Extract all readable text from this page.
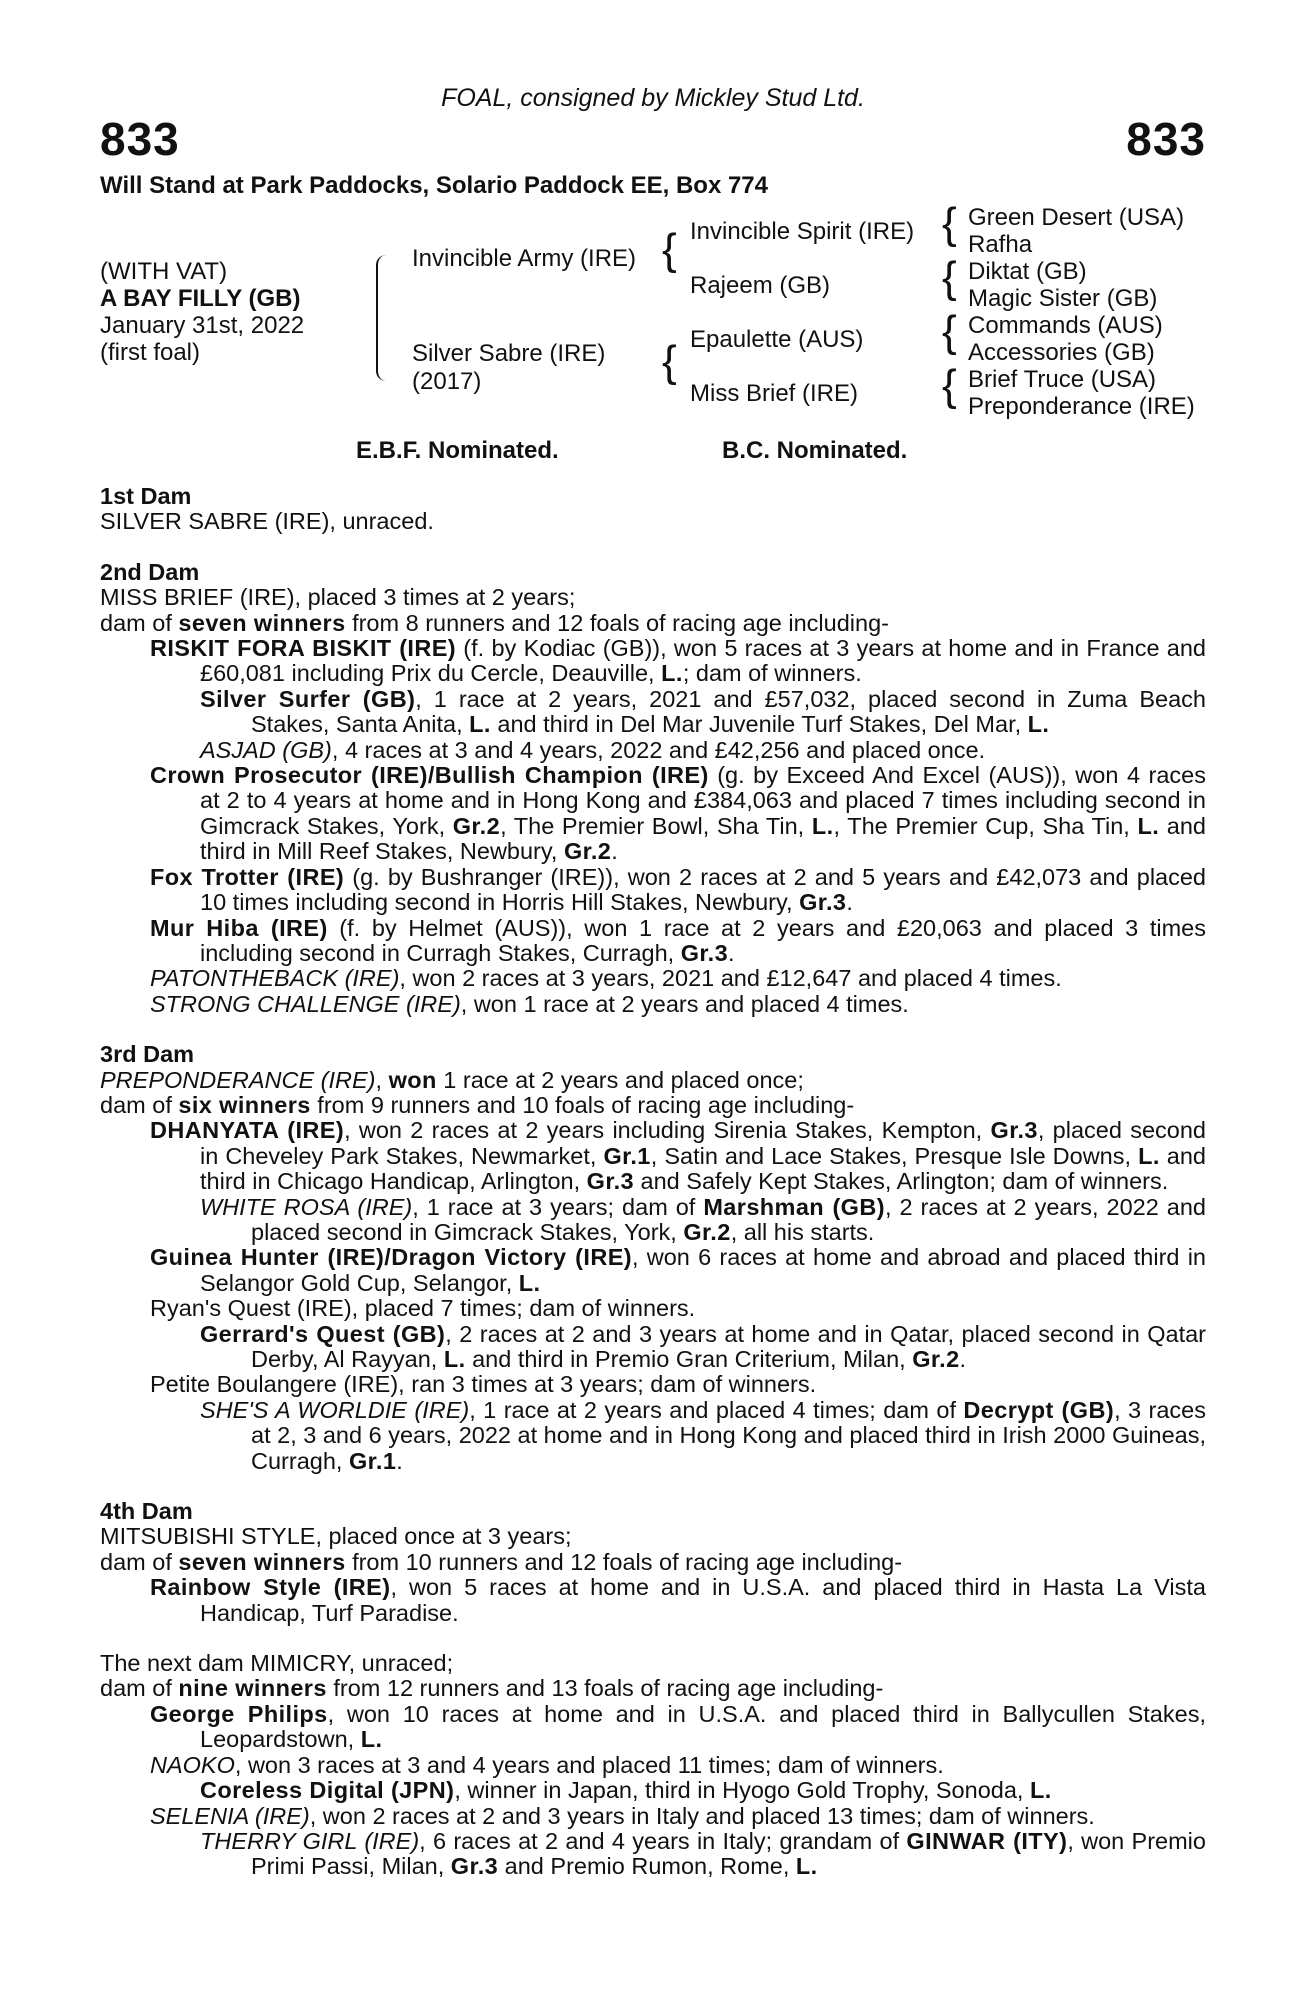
FOAL, consigned by Mickley Stud Ltd.
833	833
Will Stand at Park Paddocks, Solario Paddock EE, Box 774
(WITH VAT)
A BAY FILLY (GB)
January 31st, 2022
(first foal)
Invincible Army (IRE)
Silver Sabre (IRE)
(2017)
{
{
Invincible Spirit (IRE)
Rajeem (GB)
Epaulette (AUS)
Miss Brief (IRE)
{
{
{
{
Green Desert (USA)
Rafha
Diktat (GB)
Magic Sister (GB)
Commands (AUS)
Accessories (GB)
Brief Truce (USA)
Preponderance (IRE)
E.B.F. Nominated.	B.C. Nominated.

1st Dam

SILVER SABRE (IRE), unraced.

2nd Dam

MISS BRIEF (IRE), placed 3 times at 2 years;

dam of seven winners from 8 runners and 12 foals of racing age including-

RISKIT FORA BISKIT (IRE) (f. by Kodiac (GB)), won 5 races at 3 years at home and in France and £60,081 including Prix du Cercle, Deauville, L.; dam of winners.

Silver Surfer (GB), 1 race at 2 years, 2021 and £57,032, placed second in Zuma Beach Stakes, Santa Anita, L. and third in Del Mar Juvenile Turf Stakes, Del Mar, L.

ASJAD (GB), 4 races at 3 and 4 years, 2022 and £42,256 and placed once.

Crown Prosecutor (IRE)/Bullish Champion (IRE) (g. by Exceed And Excel (AUS)), won 4 races at 2 to 4 years at home and in Hong Kong and £384,063 and placed 7 times including second in Gimcrack Stakes, York, Gr.2, The Premier Bowl, Sha Tin, L., The Premier Cup, Sha Tin, L. and third in Mill Reef Stakes, Newbury, Gr.2.

Fox Trotter (IRE) (g. by Bushranger (IRE)), won 2 races at 2 and 5 years and £42,073 and placed 10 times including second in Horris Hill Stakes, Newbury, Gr.3.

Mur Hiba (IRE) (f. by Helmet (AUS)), won 1 race at 2 years and £20,063 and placed 3 times including second in Curragh Stakes, Curragh, Gr.3.

PATONTHEBACK (IRE), won 2 races at 3 years, 2021 and £12,647 and placed 4 times.

STRONG CHALLENGE (IRE), won 1 race at 2 years and placed 4 times.

3rd Dam

PREPONDERANCE (IRE), won 1 race at 2 years and placed once;

dam of six winners from 9 runners and 10 foals of racing age including-

DHANYATA (IRE), won 2 races at 2 years including Sirenia Stakes, Kempton, Gr.3, placed second in Cheveley Park Stakes, Newmarket, Gr.1, Satin and Lace Stakes, Presque Isle Downs, L. and third in Chicago Handicap, Arlington, Gr.3 and Safely Kept Stakes, Arlington; dam of winners.

WHITE ROSA (IRE), 1 race at 3 years; dam of Marshman (GB), 2 races at 2 years, 2022 and placed second in Gimcrack Stakes, York, Gr.2, all his starts.

Guinea Hunter (IRE)/Dragon Victory (IRE), won 6 races at home and abroad and placed third in Selangor Gold Cup, Selangor, L.

Ryan's Quest (IRE), placed 7 times; dam of winners.

Gerrard's Quest (GB), 2 races at 2 and 3 years at home and in Qatar, placed second in Qatar Derby, Al Rayyan, L. and third in Premio Gran Criterium, Milan, Gr.2.

Petite Boulangere (IRE), ran 3 times at 3 years; dam of winners.

SHE'S A WORLDIE (IRE), 1 race at 2 years and placed 4 times; dam of Decrypt (GB), 3 races at 2, 3 and 6 years, 2022 at home and in Hong Kong and placed third in Irish 2000 Guineas, Curragh, Gr.1.

4th Dam

MITSUBISHI STYLE, placed once at 3 years;

dam of seven winners from 10 runners and 12 foals of racing age including-

Rainbow Style (IRE), won 5 races at home and in U.S.A. and placed third in Hasta La Vista Handicap, Turf Paradise.

The next dam MIMICRY, unraced;

dam of nine winners from 12 runners and 13 foals of racing age including-

George Philips, won 10 races at home and in U.S.A. and placed third in Ballycullen Stakes, Leopardstown, L.

NAOKO, won 3 races at 3 and 4 years and placed 11 times; dam of winners.

Coreless Digital (JPN), winner in Japan, third in Hyogo Gold Trophy, Sonoda, L.

SELENIA (IRE), won 2 races at 2 and 3 years in Italy and placed 13 times; dam of winners.

THERRY GIRL (IRE), 6 races at 2 and 4 years in Italy; grandam of GINWAR (ITY), won Premio Primi Passi, Milan, Gr.3 and Premio Rumon, Rome, L.
